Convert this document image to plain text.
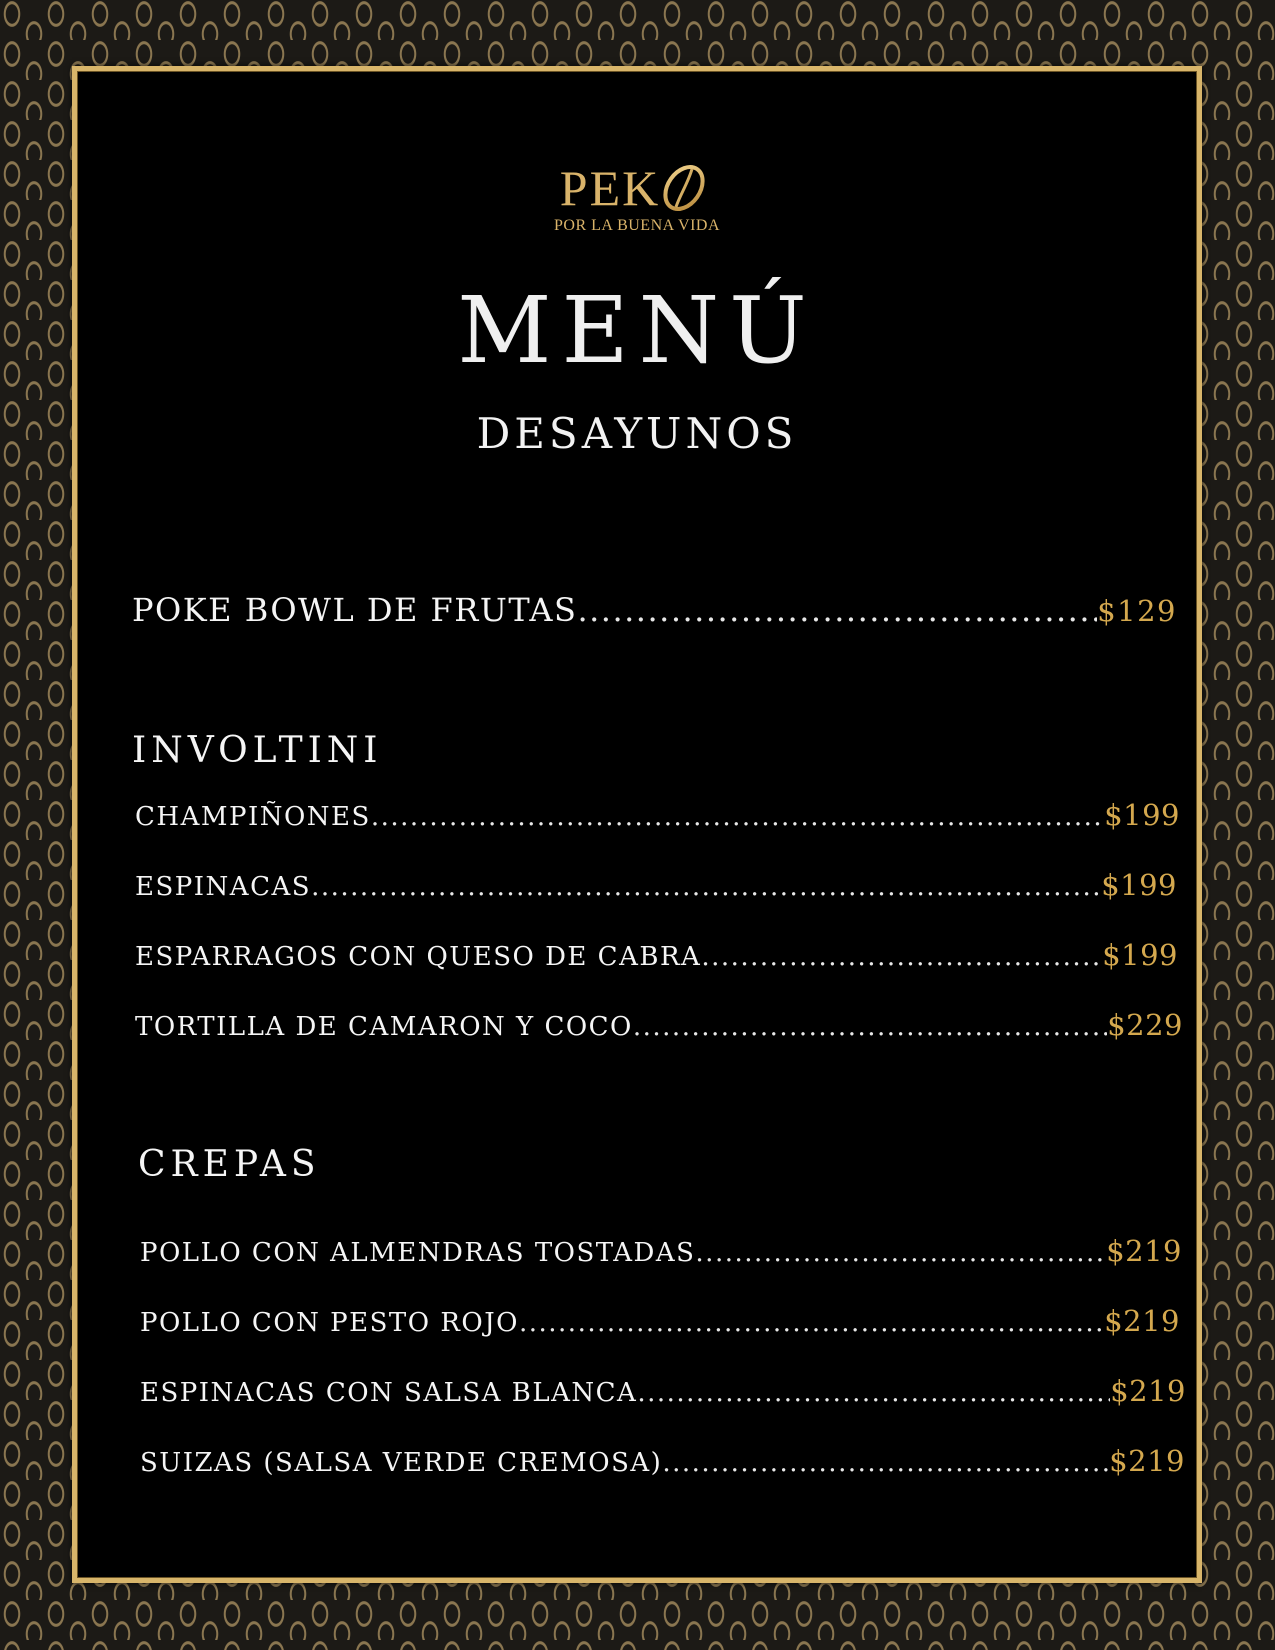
PEK
POR LA BUENA VIDA
MENÚ
DESAYUNOS
POKE BOWL DE FRUTAS .....	$129
INVOLTINI
CHAMPIÑONES .....	$199
ESPINACAS .....	$199
ESPARRAGOS CON QUESO DE CABRA .....	$199
TORTILLA DE CAMARON Y COCO .....	$229
CREPAS
POLLO CON ALMENDRAS TOSTADAS .....	$219
POLLO CON PESTO ROJO .....	$219
ESPINACAS CON SALSA BLANCA .....	$219
SUIZAS (SALSA VERDE CREMOSA) .....	$219
